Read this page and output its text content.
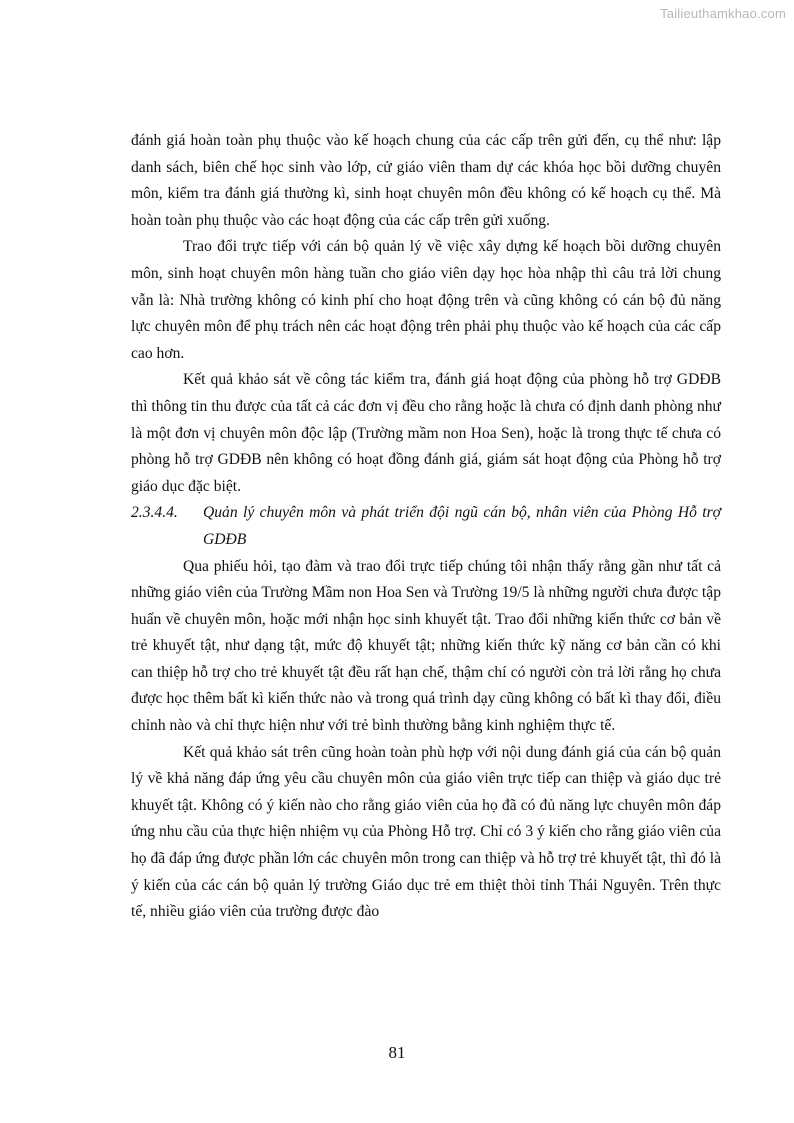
Tailieuthamkhao.com

đánh giá hoàn toàn phụ thuộc vào kế hoạch chung của các cấp trên gửi đến, cụ thể như: lập danh sách, biên chế học sinh vào lớp, cử giáo viên tham dự các khóa học bồi dưỡng chuyên môn, kiểm tra đánh giá thường kì, sinh hoạt chuyên môn đều không có kế hoạch cụ thể. Mà hoàn toàn phụ thuộc vào các hoạt động của các cấp trên gửi xuống.

Trao đổi trực tiếp với cán bộ quản lý về việc xây dựng kế hoạch bồi dưỡng chuyên môn, sinh hoạt chuyên môn hàng tuần cho giáo viên dạy học hòa nhập thì câu trả lời chung vẫn là: Nhà trường không có kinh phí cho hoạt động trên và cũng không có cán bộ đủ năng lực chuyên môn để phụ trách nên các hoạt động trên phải phụ thuộc vào kế hoạch của các cấp cao hơn.

Kết quả khảo sát về công tác kiểm tra, đánh giá hoạt động của phòng hỗ trợ GDĐB thì thông tin thu được của tất cả các đơn vị đều cho rằng hoặc là chưa có định danh phòng như là một đơn vị chuyên môn độc lập (Trường mầm non Hoa Sen), hoặc là trong thực tế chưa có phòng hỗ trợ GDĐB nên không có hoạt đồng đánh giá, giám sát hoạt động của Phòng hỗ trợ giáo dục đặc biệt.

2.3.4.4.	Quản lý chuyên môn và phát triển đội ngũ cán bộ, nhân viên của Phòng Hỗ trợ GDĐB

Qua phiếu hỏi, tạo đàm và trao đổi trực tiếp chúng tôi nhận thấy rằng gần như tất cả những giáo viên của Trường Mầm non Hoa Sen và Trường 19/5 là những người chưa được tập huấn về chuyên môn, hoặc mới nhận học sinh khuyết tật. Trao đổi những kiến thức cơ bản về trẻ khuyết tật, như dạng tật, mức độ khuyết tật; những kiến thức kỹ năng cơ bản cần có khi can thiệp hỗ trợ cho trẻ khuyết tật đều rất hạn chế, thậm chí có người còn trả lời rằng họ chưa được học thêm bất kì kiến thức nào và trong quá trình dạy cũng không có bất kì thay đổi, điều chỉnh nào và chỉ thực hiện như với trẻ bình thường bằng kinh nghiệm thực tế.

Kết quả khảo sát trên cũng hoàn toàn phù hợp với nội dung đánh giá của cán bộ quản lý về khả năng đáp ứng yêu cầu chuyên môn của giáo viên trực tiếp can thiệp và giáo dục trẻ khuyết tật. Không có ý kiến nào cho rằng giáo viên của họ đã có đủ năng lực chuyên môn đáp ứng nhu cầu của thực hiện nhiệm vụ của Phòng Hỗ trợ. Chỉ có 3 ý kiến cho rằng giáo viên của họ đã đáp ứng được phần lớn các chuyên môn trong can thiệp và hỗ trợ trẻ khuyết tật, thì đó là ý kiến của các cán bộ quản lý trường Giáo dục trẻ em thiệt thòi tỉnh Thái Nguyên. Trên thực tế, nhiều giáo viên của trường được đào

81
